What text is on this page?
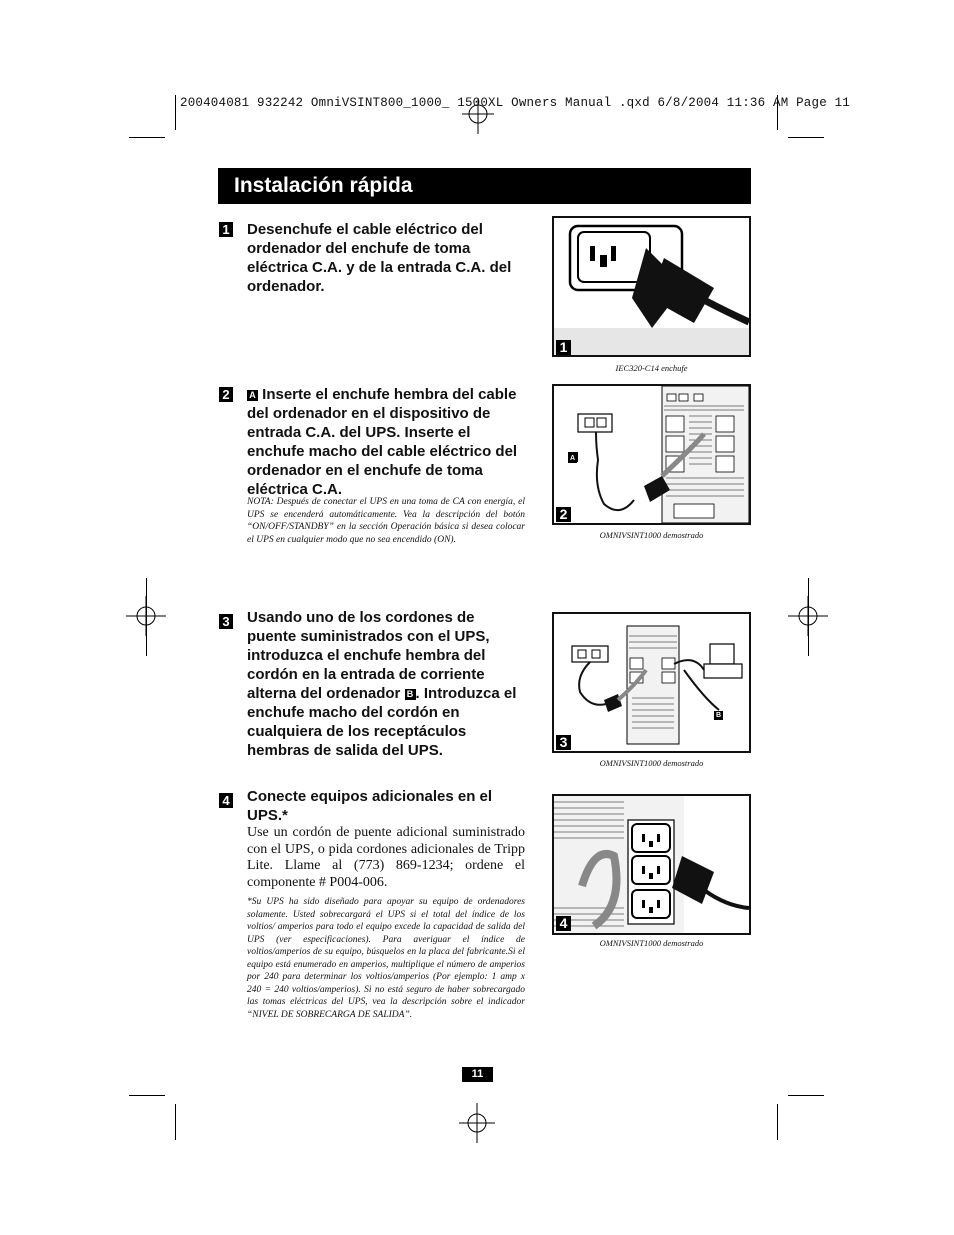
200404081 932242 OmniVSINT800_1000_ 1500XL Owners Manual .qxd 6/8/2004 11:36 AM Page 11
Instalación rápida
1 Desenchufe el cable eléctrico del ordenador del enchufe de toma eléctrica C.A. y de la entrada C.A. del ordenador.
1
IEC320-C14 enchufe
2	A Inserte el enchufe hembra del cable del ordenador en el dispositivo de entrada C.A. del UPS. Inserte el enchufe macho del cable eléctrico del ordenador en el enchufe de toma eléctrica C.A.
NOTA: Después de conectar el UPS en una toma de CA con energía, el UPS se encenderá automáticamente. Vea la descripción del botón “ON/OFF/STANDBY” en la sección Operación básica si desea colocar el UPS en cualquier modo que no sea encendido (ON).
A
2
OMNIVSINT1000 demostrado
3 Usando uno de los cordones de puente suministrados con el UPS, introduzca el enchufe hembra del cordón en la entrada de corriente alterna del ordenador B . Introduzca el enchufe macho del cordón en cualquiera de los receptáculos hembras de salida del UPS.
B
3
OMNIVSINT1000 demostrado
4 Conecte equipos adicionales en el UPS.*
Use un cordón de puente adicional suministrado con el UPS, o pida cordones adicionales de Tripp Lite. Llame al (773) 869-1234; ordene el componente # P004-006.
*Su UPS ha sido diseñado para apoyar su equipo de ordenadores solamente. Usted sobrecargará el UPS si el total del índice de los voltios/ amperios para todo el equipo excede la capacidad de salida del UPS (ver especificaciones). Para averiguar el índice de voltios/amperios de su equipo, búsquelos en la placa del fabricante.Si el equipo está enumerado en amperios, multiplique el número de amperios por 240 para determinar los voltios/amperios (Por ejemplo: 1 amp x 240 = 240 voltios/amperios). Si no está seguro de haber sobrecargado las tomas eléctricas del UPS, vea la descripción sobre el indicador “NIVEL DE SOBRECARGA DE SALIDA”.
4
OMNIVSINT1000 demostrado
11
